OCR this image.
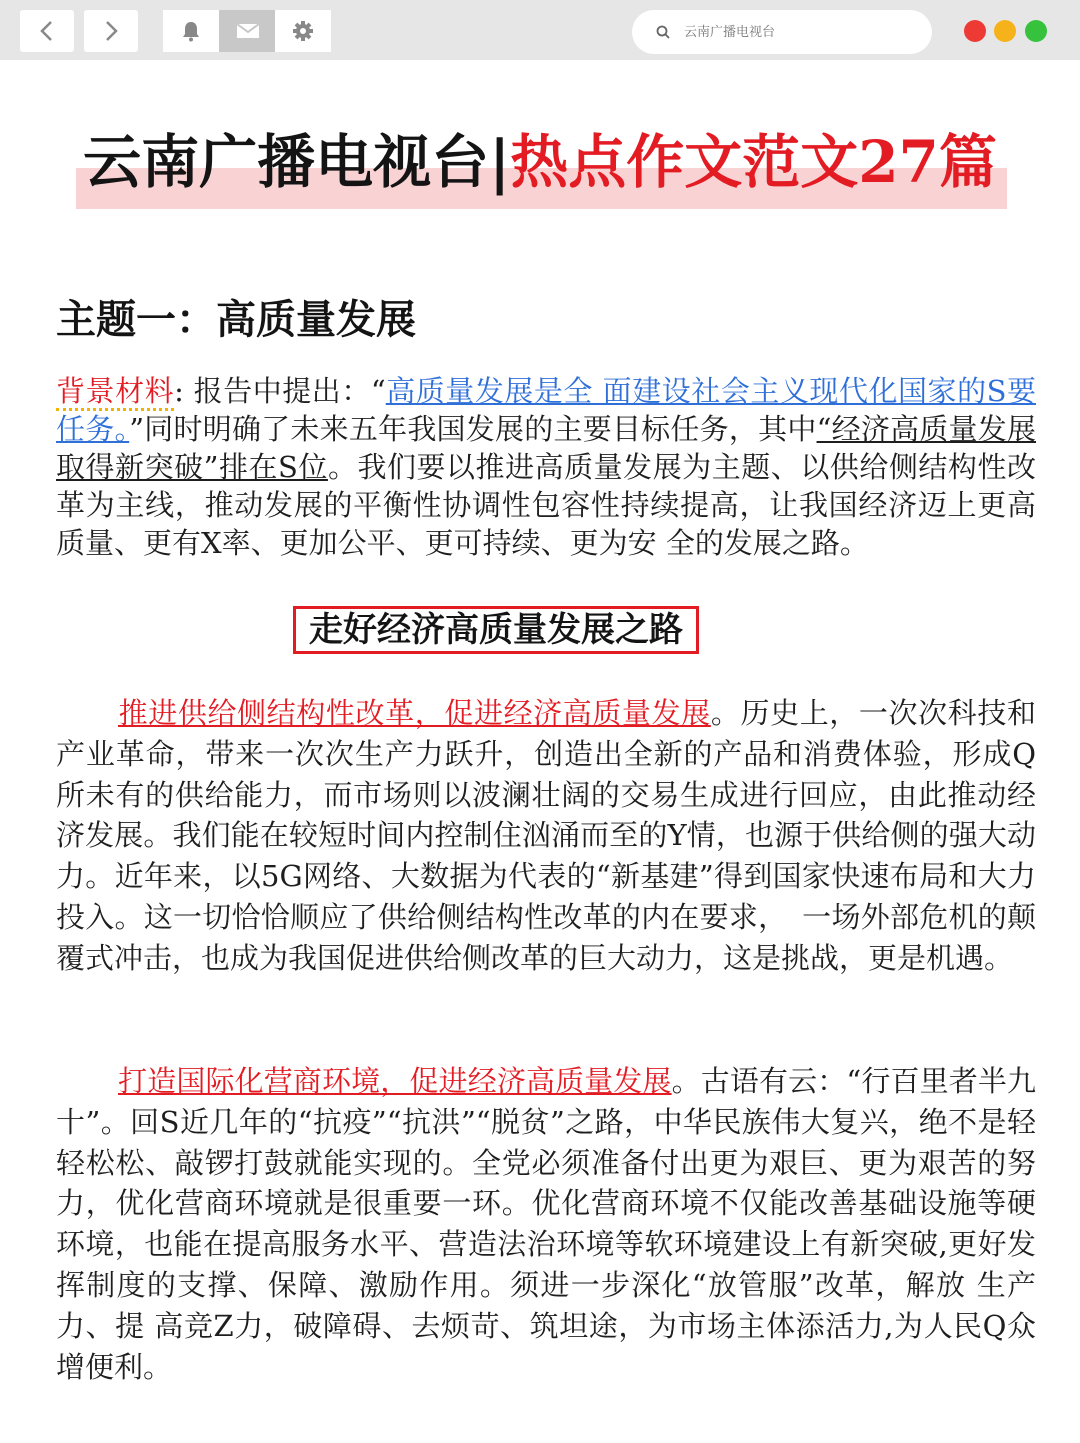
云南广播电视台
云南广播电视台|热点作文范文27篇
主题一：高质量发展
背景材料: 报告中提出：“高质量发展是全 面建设社会主义现代化国家的S要任务。”同时明确了未来五年我国发展的主要目标任务，其中“经济高质量发展取得新突破”排在S位。我们要以推进高质量发展为主题、以供给侧结构性改革为主线，推动发展的平衡性协调性包容性持续提高，让我国经济迈上更高质量、更有X率、更加公平、更可持续、更为安 全的发展之路。
走好经济高质量发展之路
推进供给侧结构性改革，促进经济高质量发展。历史上，一次次科技和产业革命，带来一次次生产力跃升，创造出全新的产品和消费体验，形成Q所未有的供给能力，而市场则以波澜壮阔的交易生成进行回应，由此推动经济发展。我们能在较短时间内控制住汹涌而至的Y情，也源于供给侧的强大动力。近年来，以5G网络、大数据为代表的“新基建”得到国家快速布局和大力投入。这一切恰恰顺应了供给侧结构性改革的内在要求，　一场外部危机的颠覆式冲击，也成为我国促进供给侧改革的巨大动力，这是挑战，更是机遇。
打造国际化营商环境，促进经济高质量发展。古语有云：“行百里者半九十”。回S近几年的“抗疫”“抗洪”“脱贫”之路，中华民族伟大复兴，绝不是轻轻松松、敲锣打鼓就能实现的。全党必须准备付出更为艰巨、更为艰苦的努力，优化营商环境就是很重要一环。优化营商环境不仅能改善基础设施等硬环境，也能在提高服务水平、营造法治环境等软环境建设上有新突破,更好发挥制度的支撑、保障、激励作用。须进一步深化“放管服”改革，解放 生产力、提 高竞Z力，破障碍、去烦苛、筑坦途，为市场主体添活力,为人民Q众增便利。
